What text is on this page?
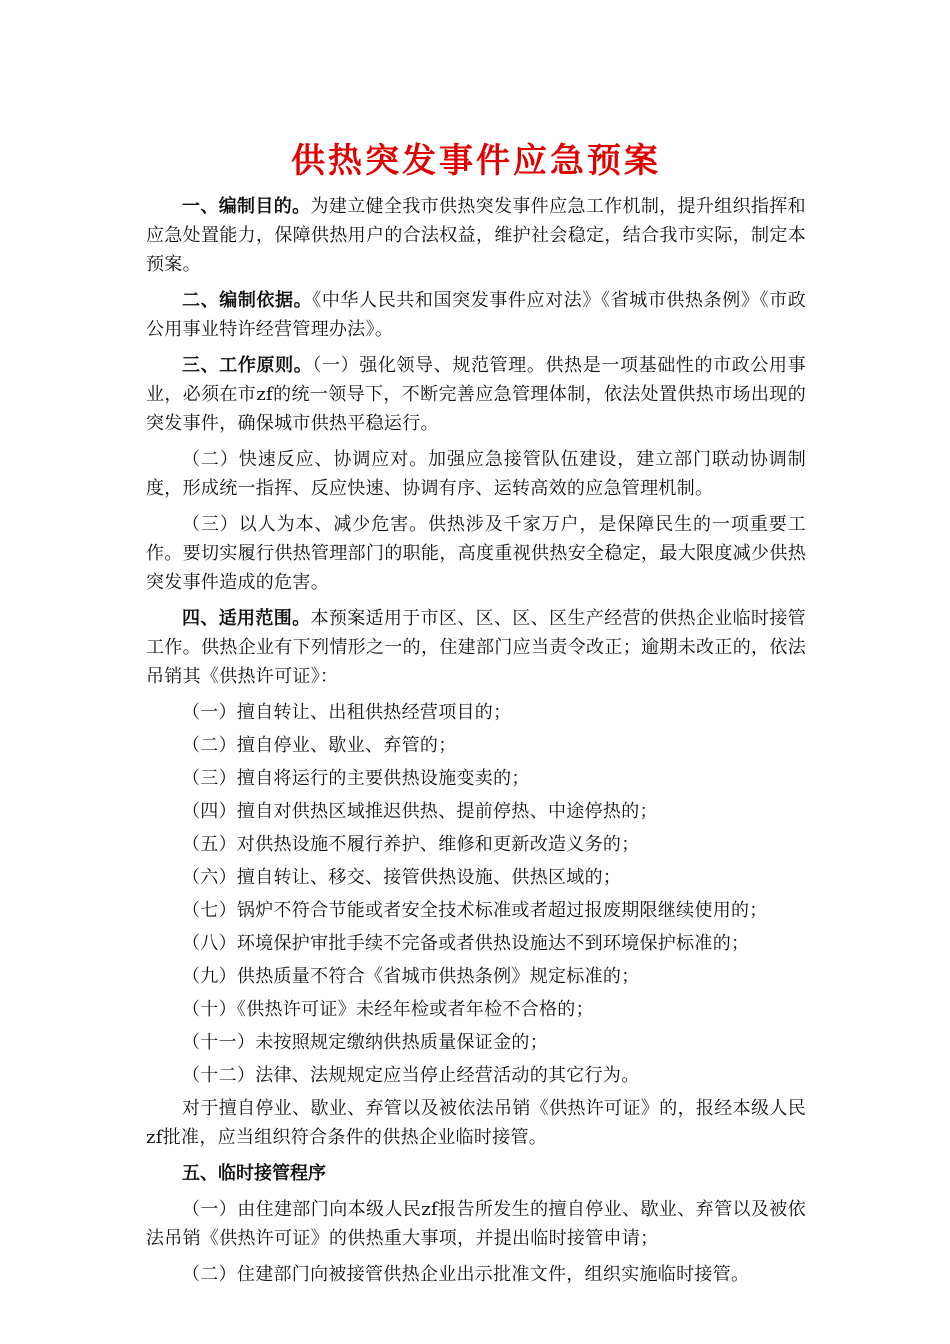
供热突发事件应急预案

一、编制目的。为建立健全我市供热突发事件应急工作机制，提升组织指挥和应急处置能力，保障供热用户的合法权益，维护社会稳定，结合我市实际，制定本预案。

二、编制依据。《中华人民共和国突发事件应对法》《省城市供热条例》《市政公用事业特许经营管理办法》。

三、工作原则。（一）强化领导、规范管理。供热是一项基础性的市政公用事业，必须在市zf的统一领导下，不断完善应急管理体制，依法处置供热市场出现的突发事件，确保城市供热平稳运行。

（二）快速反应、协调应对。加强应急接管队伍建设，建立部门联动协调制度，形成统一指挥、反应快速、协调有序、运转高效的应急管理机制。

（三）以人为本、减少危害。供热涉及千家万户，是保障民生的一项重要工作。要切实履行供热管理部门的职能，高度重视供热安全稳定，最大限度减少供热突发事件造成的危害。

四、适用范围。本预案适用于市区、区、区、区生产经营的供热企业临时接管工作。供热企业有下列情形之一的，住建部门应当责令改正；逾期未改正的，依法吊销其《供热许可证》：

（一）擅自转让、出租供热经营项目的；
（二）擅自停业、歇业、弃管的；
（三）擅自将运行的主要供热设施变卖的；
（四）擅自对供热区域推迟供热、提前停热、中途停热的；
（五）对供热设施不履行养护、维修和更新改造义务的；
（六）擅自转让、移交、接管供热设施、供热区域的；
（七）锅炉不符合节能或者安全技术标准或者超过报废期限继续使用的；
（八）环境保护审批手续不完备或者供热设施达不到环境保护标准的；
（九）供热质量不符合《省城市供热条例》规定标准的；
（十）《供热许可证》未经年检或者年检不合格的；
（十一）未按照规定缴纳供热质量保证金的；
（十二）法律、法规规定应当停止经营活动的其它行为。

对于擅自停业、歇业、弃管以及被依法吊销《供热许可证》的，报经本级人民zf批准，应当组织符合条件的供热企业临时接管。

五、临时接管程序

（一）由住建部门向本级人民zf报告所发生的擅自停业、歇业、弃管以及被依法吊销《供热许可证》的供热重大事项，并提出临时接管申请；

（二）住建部门向被接管供热企业出示批准文件，组织实施临时接管。
